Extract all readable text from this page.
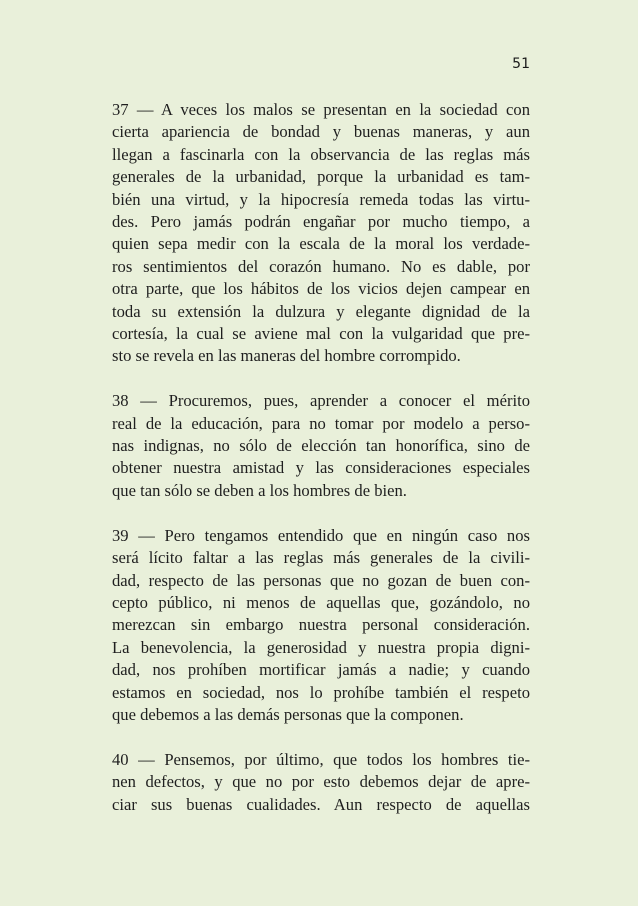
51

37 — A veces los malos se presentan en la sociedad con
cierta apariencia de bondad y buenas maneras, y aun
llegan a fascinarla con la observancia de las reglas más
generales de la urbanidad, porque la urbanidad es tam-
bién una virtud, y la hipocresía remeda todas las virtu-
des. Pero jamás podrán engañar por mucho tiempo, a
quien sepa medir con la escala de la moral los verdade-
ros sentimientos del corazón humano. No es dable, por
otra parte, que los hábitos de los vicios dejen campear en
toda su extensión la dulzura y elegante dignidad de la
cortesía, la cual se aviene mal con la vulgaridad que pre-
sto se revela en las maneras del hombre corrompido.

38 — Procuremos, pues, aprender a conocer el mérito
real de la educación, para no tomar por modelo a perso-
nas indignas, no sólo de elección tan honorífica, sino de
obtener nuestra amistad y las consideraciones especiales
que tan sólo se deben a los hombres de bien.

39 — Pero tengamos entendido que en ningún caso nos
será lícito faltar a las reglas más generales de la civili-
dad, respecto de las personas que no gozan de buen con-
cepto público, ni menos de aquellas que, gozándolo, no
merezcan sin embargo nuestra personal consideración.
La benevolencia, la generosidad y nuestra propia digni-
dad, nos prohíben mortificar jamás a nadie; y cuando
estamos en sociedad, nos lo prohíbe también el respeto
que debemos a las demás personas que la componen.

40 — Pensemos, por último, que todos los hombres tie-
nen defectos, y que no por esto debemos dejar de apre-
ciar sus buenas cualidades. Aun respecto de aquellas
